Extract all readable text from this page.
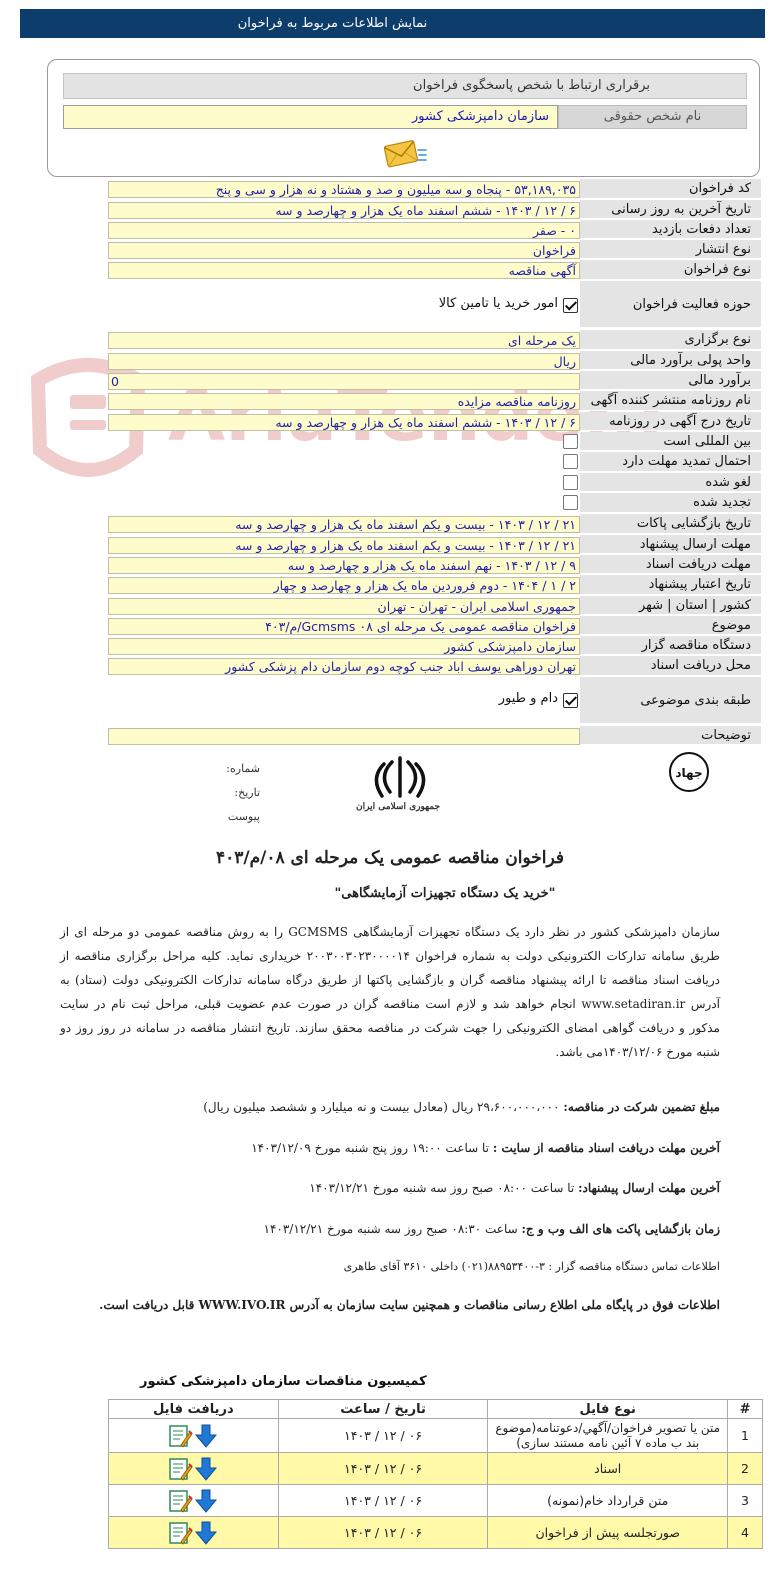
نمایش اطلاعات مربوط به فراخوان
برقراری ارتباط با شخص پاسخگوی فراخوان
نام شخص حقوقی
سازمان دامپزشکی کشور
کد فراخوان
۵۳,۱۸۹,۰۳۵ - پنجاه و سه میلیون و صد و هشتاد و نه هزار و سی و پنج
تاریخ آخرین به روز رسانی
۶ / ۱۲ / ۱۴۰۳ - ششم اسفند ماه یک هزار و چهارصد و سه
تعداد دفعات بازدید
۰ - صفر
نوع انتشار
فراخوان
نوع فراخوان
آگهی مناقصه
حوزه فعالیت فراخوان
امور خرید یا تامین کالا
نوع برگزاری
یک مرحله ای
واحد پولی برآورد مالی
ریال
برآورد مالی
0
نام روزنامه منتشر کننده آگهی
روزنامه مناقصه مزایده
تاریخ درج آگهی در روزنامه
۶ / ۱۲ / ۱۴۰۳ - ششم اسفند ماه یک هزار و چهارصد و سه
بین المللی است
احتمال تمدید مهلت دارد
لغو شده
تجدید شده
تاریخ بازگشایی پاکات
۲۱ / ۱۲ / ۱۴۰۳ - بیست و یکم اسفند ماه یک هزار و چهارصد و سه
مهلت ارسال پیشنهاد
۲۱ / ۱۲ / ۱۴۰۳ - بیست و یکم اسفند ماه یک هزار و چهارصد و سه
مهلت دریافت اسناد
۹ / ۱۲ / ۱۴۰۳ - نهم اسفند ماه یک هزار و چهارصد و سه
تاریخ اعتبار پیشنهاد
۲ / ۱ / ۱۴۰۴ - دوم فروردین ماه یک هزار و چهارصد و چهار
کشور | استان | شهر
جمهوری اسلامی ایران - تهران - تهران
موضوع
فراخوان مناقصه عمومی یک مرحله ای ۰۸ Gcmsms/م/۴۰۳
دستگاه مناقصه گزار
سازمان دامپزشکی کشور
محل دریافت اسناد
تهران دوراهی یوسف اباد جنب کوچه دوم سازمان دام پزشکی کشور
طبقه بندی موضوعی
دام و طیور
توضیحات
شماره:
تاریخ:
پیوست
جمهوری اسلامی ایران
جهاد
فراخوان مناقصه عمومی یک مرحله ای ۰۸/م/۴۰۳
"خرید یک دستگاه تجهیزات آزمایشگاهی"
سازمان دامپزشکی کشور در نظر دارد یک دستگاه تجهیزات آزمایشگاهی GCMSMS را به روش مناقصه عمومی دو مرحله ای از طریق سامانه تدارکات الکترونیکی دولت به شماره فراخوان ۲۰۰۳۰۰۳۰۲۳۰۰۰۰۱۴ خریداری نماید. کلیه مراحل برگزاری مناقصه از دریافت اسناد مناقصه تا ارائه پیشنهاد مناقصه گران و بازگشایی پاکتها از طریق درگاه سامانه تدارکات الکترونیکی دولت (ستاد) به آدرس www.setadiran.ir انجام خواهد شد و لازم است مناقصه گران در صورت عدم عضویت قبلی، مراحل ثبت نام در سایت مذکور و دریافت گواهی امضای الکترونیکی را جهت شرکت در مناقصه محقق سازند. تاریخ انتشار مناقصه در سامانه در روز روز دو شنبه مورخ ۱۴۰۳/۱۲/۰۶می باشد.
مبلغ تضمین شرکت در مناقصه: ۲۹،۶۰۰،۰۰۰،۰۰۰ ریال (معادل بیست و نه میلیارد و ششصد میلیون ریال)
آخرین مهلت دریافت اسناد مناقصه از سایت : تا ساعت ۱۹:۰۰ روز پنج شنبه مورخ ۱۴۰۳/۱۲/۰۹
آخرین مهلت ارسال پیشنهاد: تا ساعت ۰۸:۰۰ صبح روز سه شنبه مورخ ۱۴۰۳/۱۲/۲۱
زمان بازگشایی پاکت های الف وب و ج: ساعت ۰۸:۳۰ صبح روز سه شنبه مورخ ۱۴۰۳/۱۲/۲۱
اطلاعات تماس دستگاه مناقصه گزار : ۳-۸۸۹۵۳۴۰۰(۰۲۱) داخلی ۳۶۱۰ آقای طاهری
اطلاعات فوق در پایگاه ملی اطلاع رسانی مناقصات و همچنین سایت سازمان به آدرس WWW.IVO.IR قابل دریافت است.
کمیسیون مناقصات سازمان دامپزشکی کشور
#	نوع فایل	تاریخ / ساعت	دریافت فایل
1	متن یا تصویر فراخوان/آگهي/دعوتنامه(موضوع بند ب ماده ۷ آئين نامه مستند سازی)	۰۶ / ۱۲ / ۱۴۰۳	

2	اسناد	۰۶ / ۱۲ / ۱۴۰۳	

3	متن قرارداد خام(نمونه)	۰۶ / ۱۲ / ۱۴۰۳	

4	صورتجلسه پیش از فراخوان	۰۶ / ۱۲ / ۱۴۰۳	
